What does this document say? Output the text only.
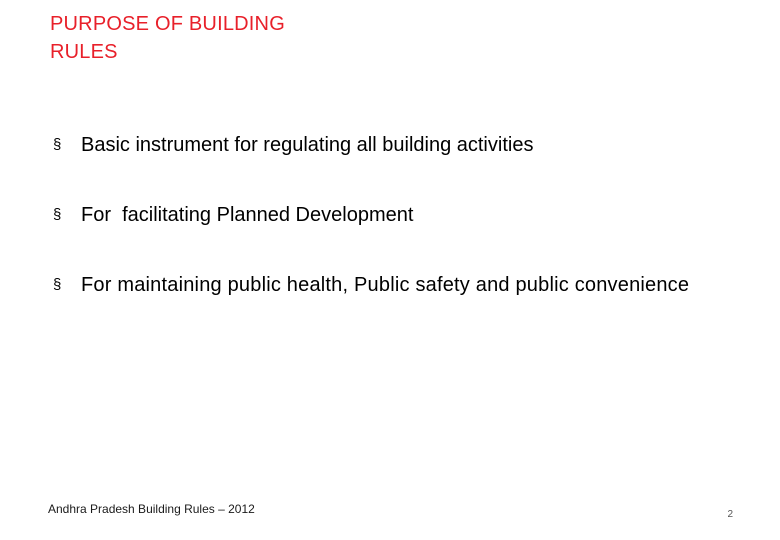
PURPOSE OF BUILDING
RULES
§ Basic instrument for regulating all building activities
§ For  facilitating Planned Development
§ For maintaining public health, Public safety and public convenience
Andhra Pradesh Building Rules – 2012	2
